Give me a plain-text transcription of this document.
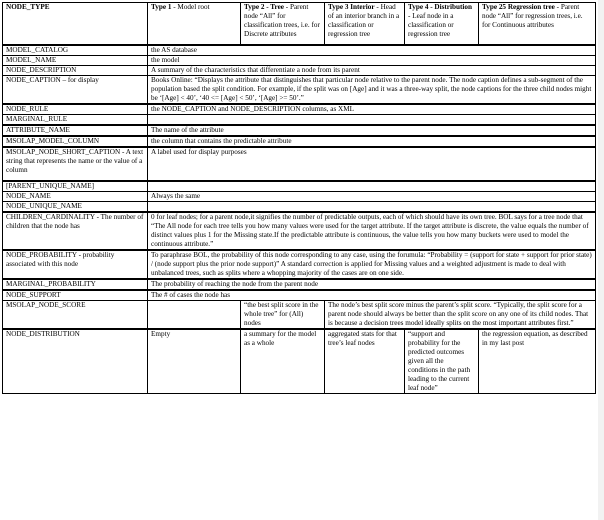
NODE_TYPE	Type 1 - Model root	Type 2 - Tree - Parent node “All” for classification trees, i.e. for Discrete attributes	Type 3 Interior - Head of an interior branch in a classification or regression tree	Type 4 - Distribution - Leaf node in a classification or regression tree	Type 25 Regression tree - Parent node “All” for regression trees, i.e. for Continuous attributes
MODEL_CATALOG	the AS database				
MODEL_NAME	the model				
NODE_DESCRIPTION	A summary of the characteristics that differentiate a node from its parent				
NODE_CAPTION – for display	Books Online: “Displays the attribute that distinguishes that particular node relative to the parent node. The node caption defines a sub-segment of the population based the split condition. For example, if the split was on [Age] and it was a three-way split, the node captions for the three child nodes might be ‘[Age] < 40’, ‘40 <= [Age] < 50’, ‘[Age] >= 50’.”				
NODE_RULE	the NODE_CAPTION and NODE_DESCRIPTION columns, as XML				
MARGINAL_RULE					
ATTRIBUTE_NAME	The name of the attribute				
MSOLAP_MODEL_COLUMN	the column that contains the predictable attribute				
MSOLAP_NODE_SHORT_CAPTION - A text string that represents the name or the value of a column	A label used for display purposes				
[PARENT_UNIQUE_NAME]					
NODE_NAME	Always the same				
NODE_UNIQUE_NAME					
CHILDREN_CARDINALITY - The number of children that the node has	0 for leaf nodes; for a parent node,it signifies the number of predictable outputs, each of which should have its own tree. BOL says for a tree node that “The All node for each tree tells you how many values were used for the target attribute. If the target attribute is discrete, the value equals the number of distinct values plus 1 for the Missing state.If the predictable attribute is continuous, the value tells you how many buckets were used to model the continuous attribute.”				
NODE_PROBABILITY - probability associated with this node	To paraphrase BOL, the probability of this node corresponding to any case, using the forumula: “Probability = (support for state + support for prior state) / (node support plus the prior node support)” A standard correction is applied for Missing values and a weighted adjustment is made to deal with unbalanced trees, such as splits where a whopping majority of the cases are on one side.				
MARGINAL_PROBABILITY	The probability of reaching the node from the parent node				
NODE_SUPPORT	The # of cases the node has				
MSOLAP_NODE_SCORE		“the best split score in the whole tree” for (All) nodes	The node’s best split score minus the parent’s split score. “Typically, the split score for a parent node should always be better than the split score on any one of its child nodes. That is because a decision trees model ideally splits on the most important attributes first.”		
NODE_DISTRIBUTION	Empty	a summary for the model as a whole	aggregated stats for that tree’s leaf nodes	“support and probability for the predicted outcomes given all the conditions in the path leading to the current leaf node”	the regression equation, as described in my last post
